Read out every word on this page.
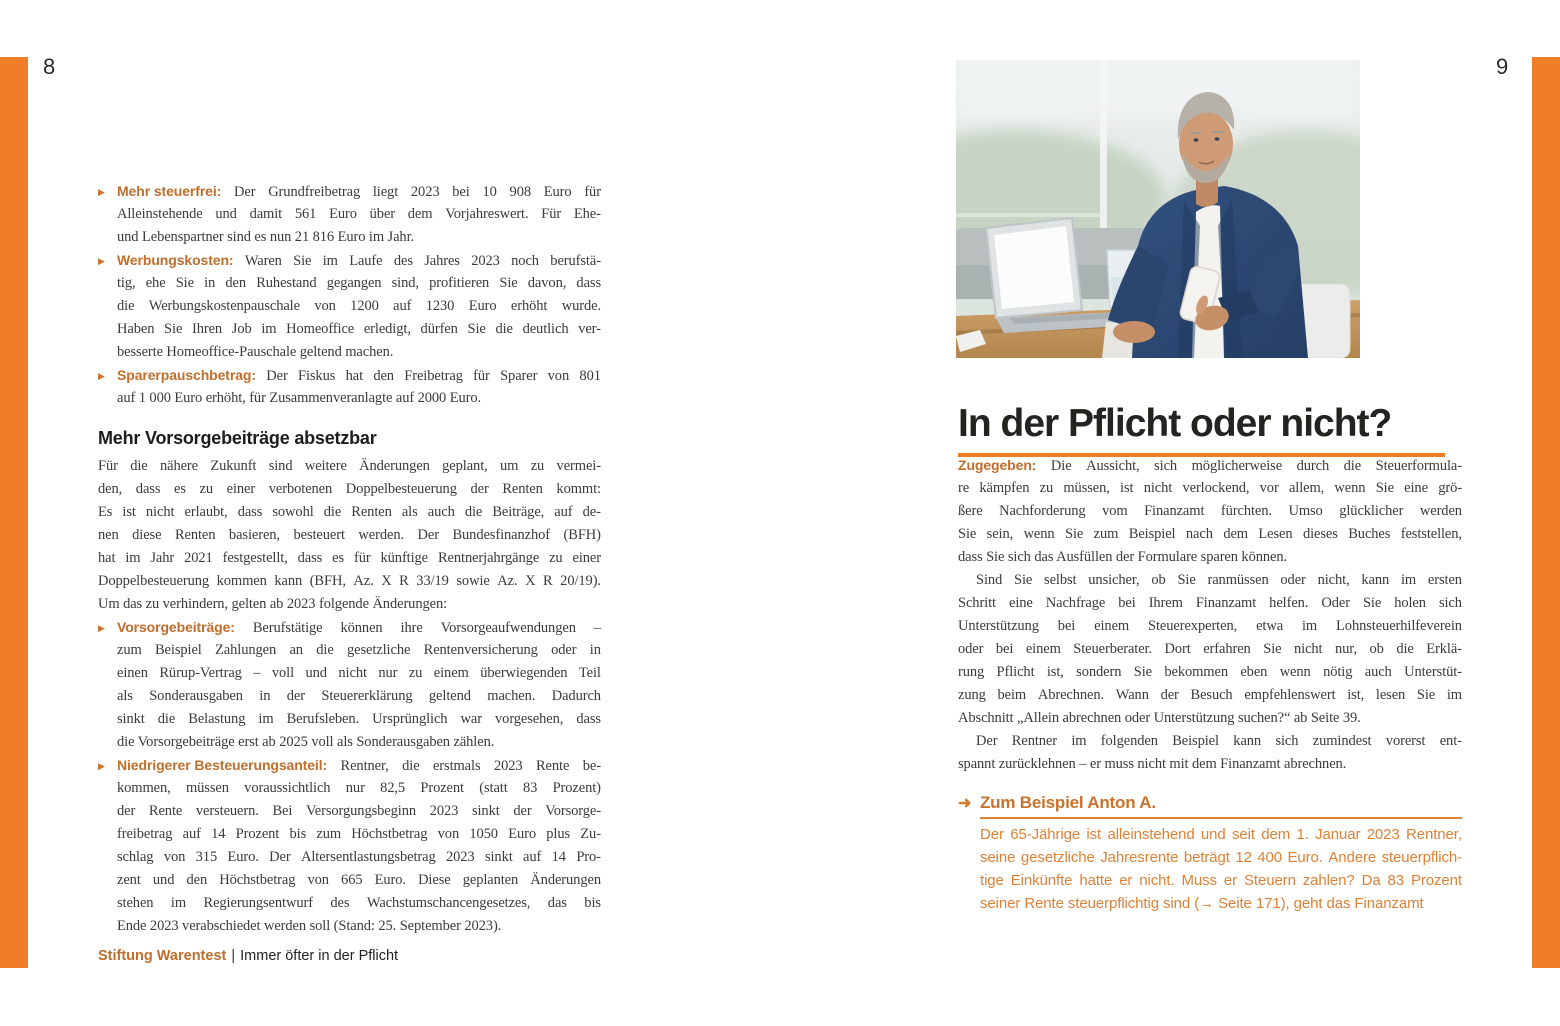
8	9
▶ Mehr steuerfrei: Der Grundfreibetrag liegt 2023 bei 10 908 Euro für
Alleinstehende und damit 561 Euro über dem Vorjahreswert. Für Ehe-
und Lebenspartner sind es nun 21 816 Euro im Jahr.
▶ Werbungskosten: Waren Sie im Laufe des Jahres 2023 noch berufstä-
tig, ehe Sie in den Ruhestand gegangen sind, profitieren Sie davon, dass
die Werbungskostenpauschale von 1200 auf 1230 Euro erhöht wurde.
Haben Sie Ihren Job im Homeoffice erledigt, dürfen Sie die deutlich ver-
besserte Homeoffice-Pauschale geltend machen.
▶ Sparerpauschbetrag: Der Fiskus hat den Freibetrag für Sparer von 801
auf 1 000 Euro erhöht, für Zusammenveranlagte auf 2000 Euro.
Mehr Vorsorgebeiträge absetzbar
Für die nähere Zukunft sind weitere Änderungen geplant, um zu vermei-
den, dass es zu einer verbotenen Doppelbesteuerung der Renten kommt:
Es ist nicht erlaubt, dass sowohl die Renten als auch die Beiträge, auf de-
nen diese Renten basieren, besteuert werden. Der Bundesfinanzhof (BFH)
hat im Jahr 2021 festgestellt, dass es für künftige Rentnerjahrgänge zu einer
Doppelbesteuerung kommen kann (BFH, Az. X R 33/19 sowie Az. X R 20/19).
Um das zu verhindern, gelten ab 2023 folgende Änderungen:
▶ Vorsorgebeiträge: Berufstätige können ihre Vorsorgeaufwendungen –
zum Beispiel Zahlungen an die gesetzliche Rentenversicherung oder in
einen Rürup-Vertrag – voll und nicht nur zu einem überwiegenden Teil
als Sonderausgaben in der Steuererklärung geltend machen. Dadurch
sinkt die Belastung im Berufsleben. Ursprünglich war vorgesehen, dass
die Vorsorgebeiträge erst ab 2025 voll als Sonderausgaben zählen.
▶ Niedrigerer Besteuerungsanteil: Rentner, die erstmals 2023 Rente be-
kommen, müssen voraussichtlich nur 82,5 Prozent (statt 83 Prozent)
der Rente versteuern. Bei Versorgungsbeginn 2023 sinkt der Vorsorge-
freibetrag auf 14 Prozent bis zum Höchstbetrag von 1050 Euro plus Zu-
schlag von 315 Euro. Der Altersentlastungsbetrag 2023 sinkt auf 14 Pro-
zent und den Höchstbetrag von 665 Euro. Diese geplanten Änderungen
stehen im Regierungsentwurf des Wachstumschancengesetzes, das bis
Ende 2023 verabschiedet werden soll (Stand: 25. September 2023).
Stiftung Warentest | Immer öfter in der Pflicht
In der Pflicht oder nicht?
Zugegeben: Die Aussicht, sich möglicherweise durch die Steuerformula-
re kämpfen zu müssen, ist nicht verlockend, vor allem, wenn Sie eine grö-
ßere Nachforderung vom Finanzamt fürchten. Umso glücklicher werden
Sie sein, wenn Sie zum Beispiel nach dem Lesen dieses Buches feststellen,
dass Sie sich das Ausfüllen der Formulare sparen können.
Sind Sie selbst unsicher, ob Sie ranmüssen oder nicht, kann im ersten
Schritt eine Nachfrage bei Ihrem Finanzamt helfen. Oder Sie holen sich
Unterstützung bei einem Steuerexperten, etwa im Lohnsteuerhilfeverein
oder bei einem Steuerberater. Dort erfahren Sie nicht nur, ob die Erklä-
rung Pflicht ist, sondern Sie bekommen eben wenn nötig auch Unterstüt-
zung beim Abrechnen. Wann der Besuch empfehlenswert ist, lesen Sie im
Abschnitt „Allein abrechnen oder Unterstützung suchen?“ ab Seite 39.
Der Rentner im folgenden Beispiel kann sich zumindest vorerst ent-
spannt zurücklehnen – er muss nicht mit dem Finanzamt abrechnen.
➜ Zum Beispiel Anton A.
Der 65-Jährige ist alleinstehend und seit dem 1. Januar 2023 Rentner,
seine gesetzliche Jahresrente beträgt 12 400 Euro. Andere steuerpflich-
tige Einkünfte hatte er nicht. Muss er Steuern zahlen? Da 83 Prozent
seiner Rente steuerpflichtig sind (→ Seite 171), geht das Finanzamt
